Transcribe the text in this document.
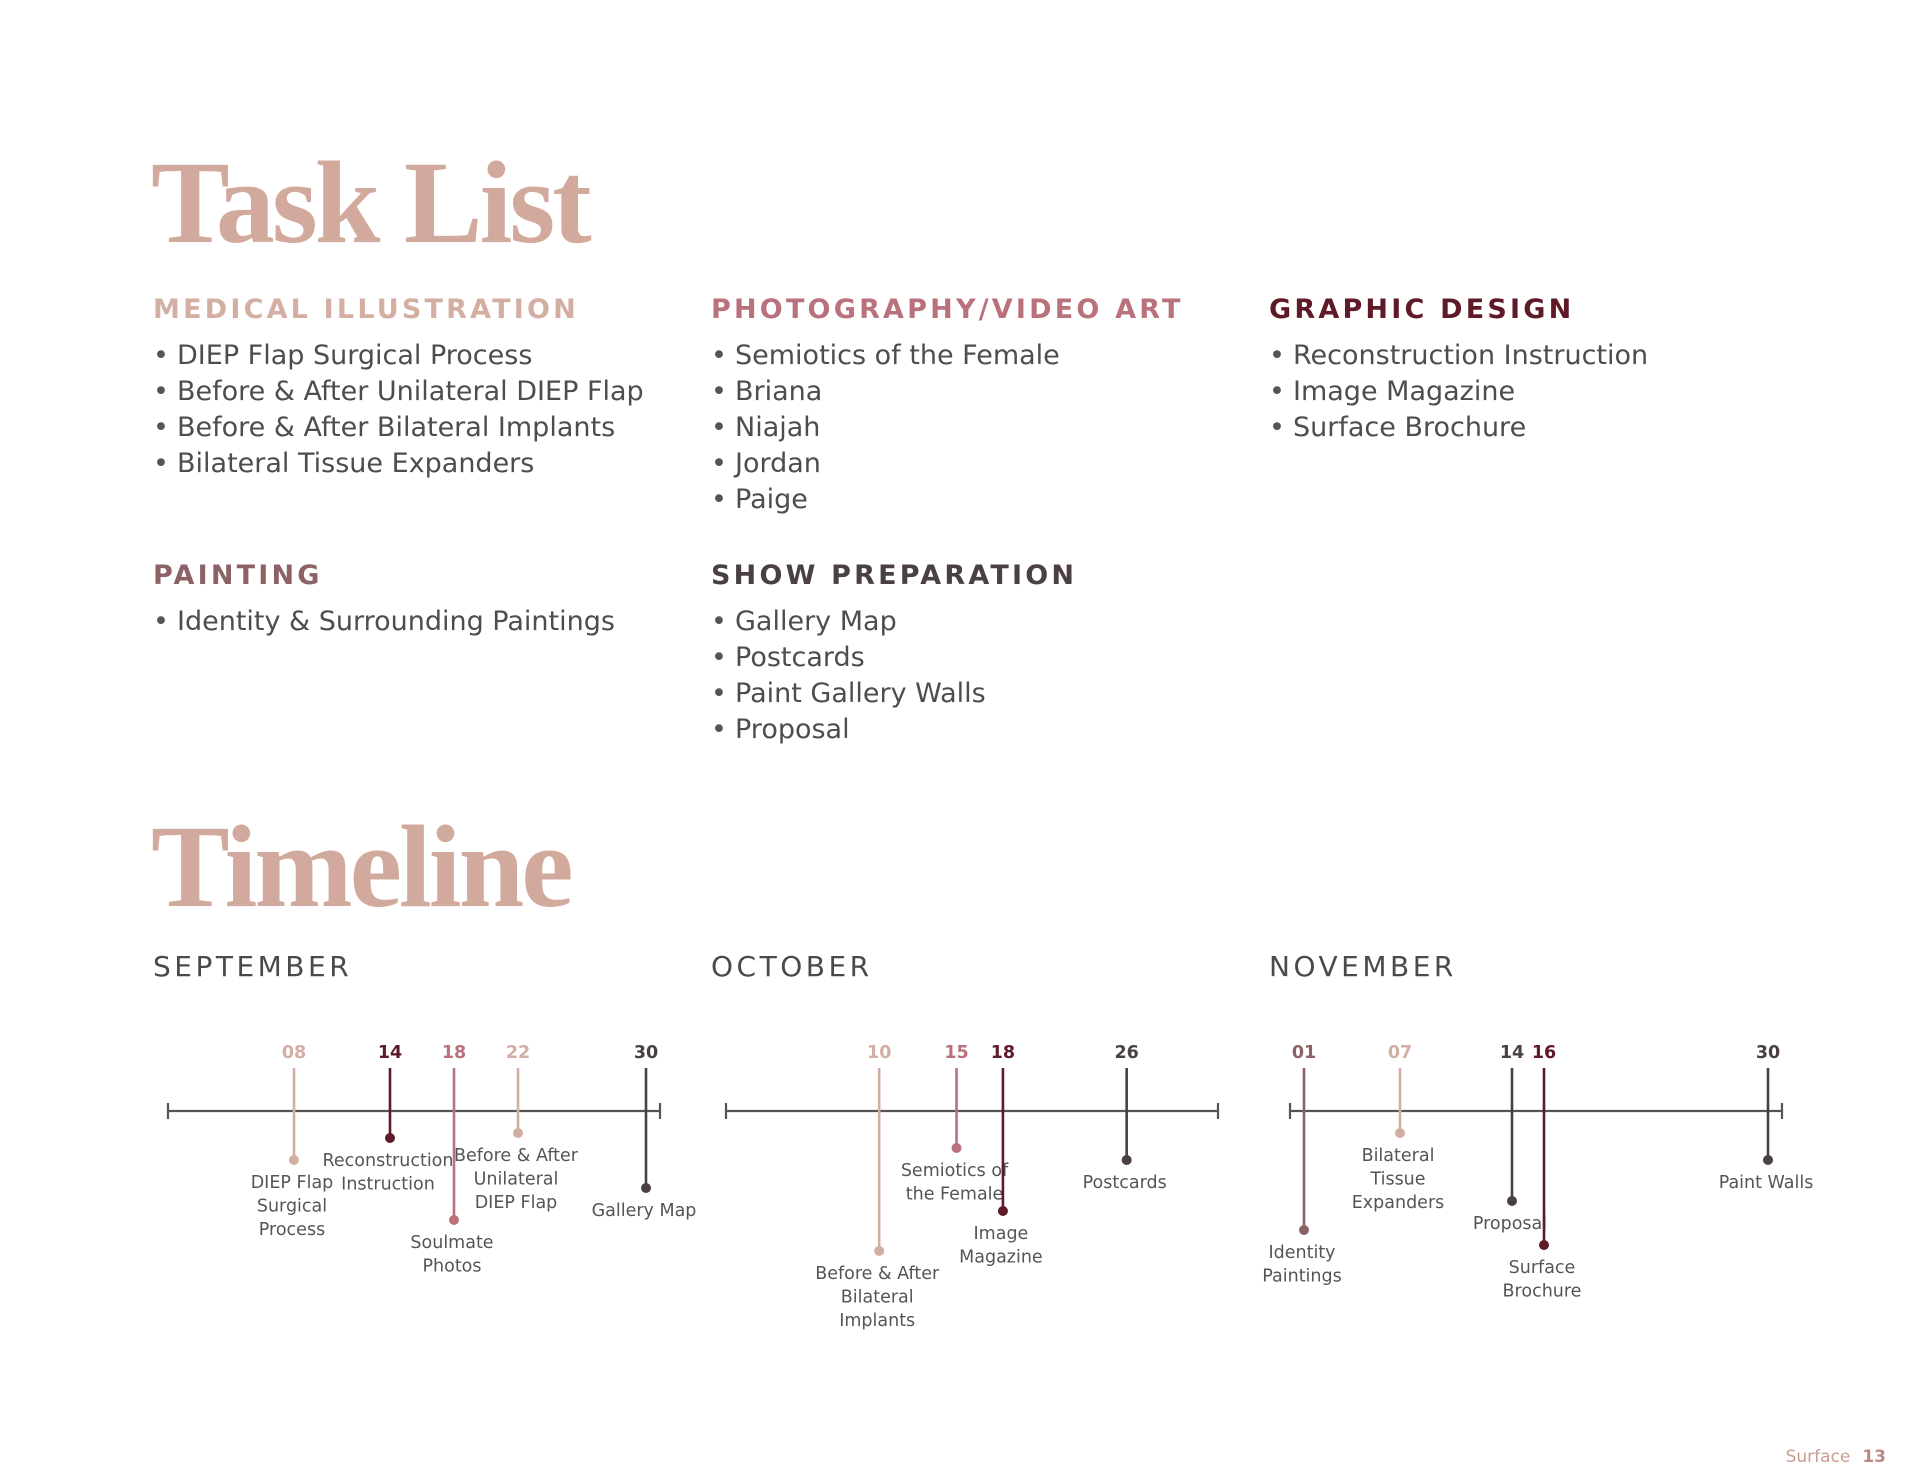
Task List
MEDICAL ILLUSTRATION
• DIEP Flap Surgical Process
• Before & After Unilateral DIEP Flap
• Before & After Bilateral Implants
• Bilateral Tissue Expanders
PHOTOGRAPHY/VIDEO ART
• Semiotics of the Female
• Briana
• Niajah
• Jordan
• Paige
GRAPHIC DESIGN
• Reconstruction Instruction
• Image Magazine
• Surface Brochure
PAINTING
• Identity & Surrounding Paintings
SHOW PREPARATION
• Gallery Map
• Postcards
• Paint Gallery Walls
• Proposal
Timeline
SEPTEMBER	OCTOBER	NOVEMBER
08
DIEP Flap
Surgical
Process
14
Reconstruction
Instruction
18
Soulmate
Photos
22
Before & After
Unilateral
DIEP Flap
30
Gallery Map
10
Before & After
Bilateral
Implants
15
Semiotics of
the Female
18
Image
Magazine
26
Postcards
01
Identity
Paintings
07
Bilateral
Tissue
Expanders
14
Proposal
16
Surface
Brochure
30
Paint Walls
Surface 13
